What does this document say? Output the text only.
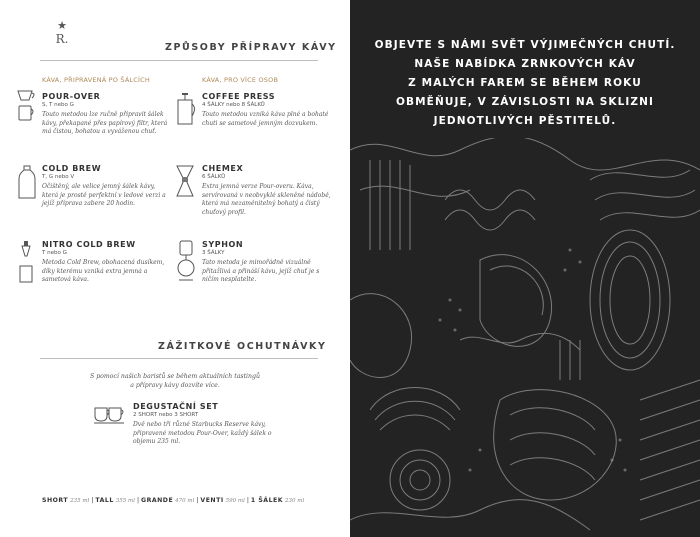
★
R.
ZPŮSOBY PŘÍPRAVY KÁVY
KÁVA, PŘIPRAVENÁ PO ŠÁLCÍCH	KÁVA, PRO VÍCE OSOB
POUR-OVER
S, T nebo G
Touto metodou lze ručně připravit šálek kávy, překapané přes papírový filtr, která má čistou, bohatou a vyváženou chuť.
COFFEE PRESS
4 ŠÁLKY nebo 8 ŠÁLKŮ
Touto metodou vzniká káva plné a bohaté chuti se sametově jemným dozvukem.
COLD BREW
T, G nebo V
Očištěný, ale velice jemný šálek kávy, která je prostě perfektní v ledové verzi a jejíž příprava zabere 20 hodin.
CHEMEX
6 ŠÁLKŮ
Extra jemná verze Pour-overu. Káva, servírovaná v neobvyklé skleněné nádobě, která má nezaměnitelný bohatý a čistý chuťový profil.
NITRO COLD BREW
T nebo G
Metoda Cold Brew, obohacená dusíkem, díky kterému vzniká extra jemná a sametová káva.
SYPHON
3 ŠÁLKY
Tato metoda je mimořádně vizuálně přitažlivá a přináší kávu, jejíž chuť je s ničím nesplatelte.
ZÁŽITKOVÉ OCHUTNÁVKY
S pomocí našich baristů se během aktuálních tastingů
a přípravy kávy dozvíte více.
DEGUSTAČNÍ SET
2 SHORT nebo 3 SHORT
Dvě nebo tři různé Starbucks Reserve kávy, připravené metodou Pour-Over, každý šálek o objemu 235 ml.
SHORT 235 ml | TALL 355 ml | GRANDE 470 ml | VENTI 590 ml | 1 ŠÁLEK 230 ml
OBJEVTE S NÁMI SVĚT VÝJIMEČNÝCH CHUTÍ.
NAŠE NABÍDKA ZRNKOVÝCH KÁV
Z MALÝCH FAREM SE BĚHEM ROKU
OBMĚŇUJE, V ZÁVISLOSTI NA SKLIZNI
JEDNOTLIVÝCH PĚSTITELŮ.
